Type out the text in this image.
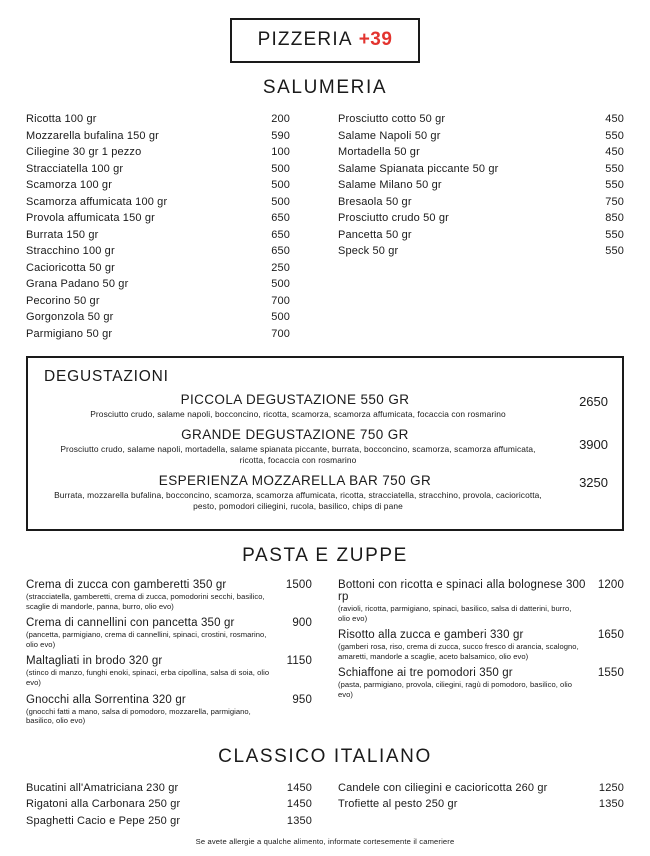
PIZZERIA +39
SALUMERIA
Ricotta 100 gr	200
Mozzarella bufalina 150 gr	590
Ciliegine 30 gr 1 pezzo	100
Stracciatella 100 gr	500
Scamorza 100 gr	500
Scamorza affumicata 100 gr	500
Provola affumicata 150 gr	650
Burrata 150 gr	650
Stracchino 100 gr	650
Cacioricotta 50 gr	250
Grana Padano 50 gr	500
Pecorino 50 gr	700
Gorgonzola 50 gr	500
Parmigiano 50 gr	700
Prosciutto cotto 50 gr	450
Salame Napoli 50 gr	550
Mortadella 50 gr	450
Salame Spianata piccante 50 gr	550
Salame Milano 50 gr	550
Bresaola 50 gr	750
Prosciutto crudo 50 gr	850
Pancetta 50 gr	550
Speck 50 gr	550
DEGUSTAZIONI
PICCOLA DEGUSTAZIONE 550 GR
Prosciutto crudo, salame napoli, bocconcino, ricotta, scamorza, scamorza affumicata, focaccia con rosmarino
2650
GRANDE DEGUSTAZIONE 750 GR
Prosciutto crudo, salame napoli, mortadella, salame spianata piccante, burrata, bocconcino, scamorza, scamorza affumicata, ricotta, focaccia con rosmarino
3900
ESPERIENZA MOZZARELLA BAR 750 GR
Burrata, mozzarella bufalina, bocconcino, scamorza, scamorza affumicata, ricotta, stracciatella, stracchino, provola, cacioricotta, pesto, pomodori ciliegini, rucola, basilico, chips di pane
3250
PASTA E ZUPPE
Crema di zucca con gamberetti 350 gr	1500
(stracciatella, gamberetti, crema di zucca, pomodorini secchi, basilico, scaglie di mandorle, panna, burro, olio evo)
Crema di cannellini con pancetta 350 gr	900
(pancetta, parmigiano, crema di cannellini, spinaci, crostini, rosmarino, olio evo)
Maltagliati in brodo 320 gr	1150
(stinco di manzo, funghi enoki, spinaci, erba cipollina, salsa di soia, olio evo)
Gnocchi alla Sorrentina 320 gr	950
(gnocchi fatti a mano, salsa di pomodoro, mozzarella, parmigiano, basilico, olio evo)
Bottoni con ricotta e spinaci alla bolognese 300 rp
1200
(ravioli, ricotta, parmigiano, spinaci, basilico, salsa di datterini, burro, olio evo)
Risotto alla zucca e gamberi 330 gr	1650
(gamberi rosa, riso, crema di zucca, succo fresco di arancia, scalogno, amaretti, mandorle a scaglie, aceto balsamico, olio evo)
Schiaffone ai tre pomodori 350 gr	1550
(pasta, parmigiano, provola, ciliegini, ragù di pomodoro, basilico, olio evo)
CLASSICO ITALIANO
Bucatini all'Amatriciana 230 gr	1450
Rigatoni alla Carbonara 250 gr	1450
Spaghetti Cacio e Pepe 250 gr	1350
Candele con ciliegini e cacioricotta 260 gr	1250
Trofiette al pesto 250 gr	1350
Se avete allergie a qualche alimento, informate cortesemente il cameriere
